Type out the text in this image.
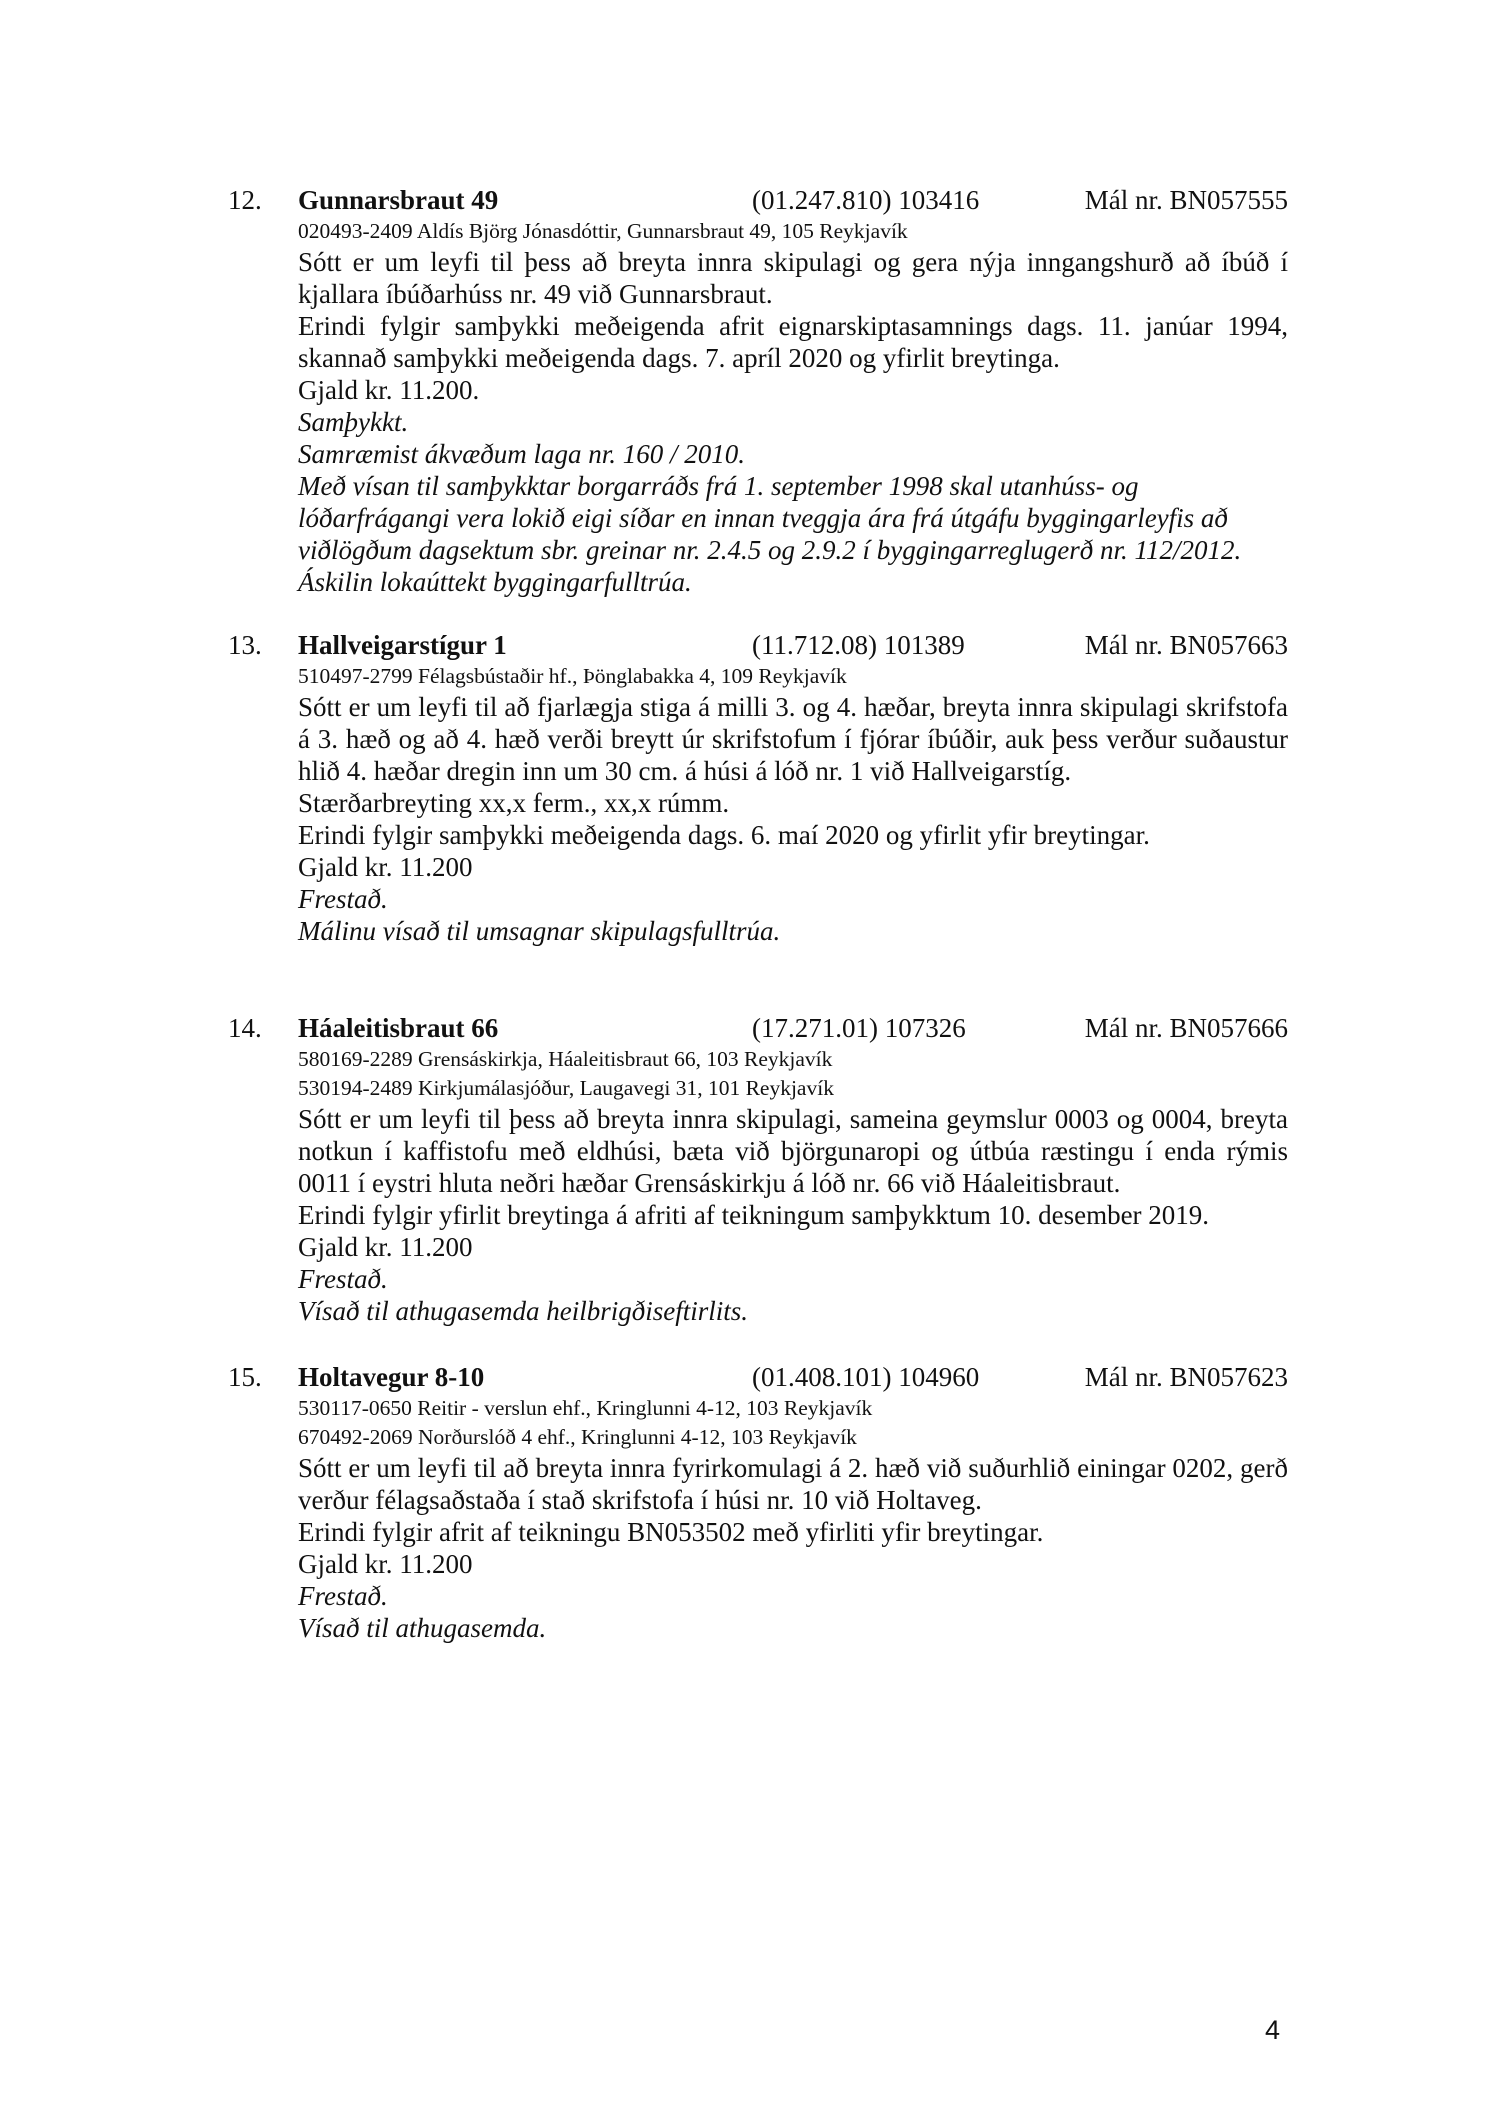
12. Gunnarsbraut 49	(01.247.810) 103416	Mál nr. BN057555
020493-2409 Aldís Björg Jónasdóttir, Gunnarsbraut 49, 105 Reykjavík
Sótt er um leyfi til þess að breyta innra skipulagi og gera nýja inngangshurð að íbúð í kjallara íbúðarhúss nr. 49 við Gunnarsbraut.
Erindi fylgir samþykki meðeigenda afrit eignarskiptasamnings dags. 11. janúar 1994, skannað samþykki meðeigenda dags. 7. apríl 2020 og yfirlit breytinga.
Gjald kr. 11.200.
Samþykkt.
Samræmist ákvæðum laga nr. 160 / 2010.
Með vísan til samþykktar borgarráðs frá 1. september 1998 skal utanhúss- og lóðarfrágangi vera lokið eigi síðar en innan tveggja ára frá útgáfu byggingarleyfis að viðlögðum dagsektum sbr. greinar nr. 2.4.5 og 2.9.2 í byggingarreglugerð nr. 112/2012. Áskilin lokaúttekt byggingarfulltrúa.
13. Hallveigarstígur 1	(11.712.08) 101389	Mál nr. BN057663
510497-2799 Félagsbústaðir hf., Þönglabakka 4, 109 Reykjavík
Sótt er um leyfi til að fjarlægja stiga á milli 3. og 4. hæðar, breyta innra skipulagi skrifstofa á 3. hæð og að 4. hæð verði breytt úr skrifstofum í fjórar íbúðir, auk þess verður suðaustur hlið 4. hæðar dregin inn um 30 cm. á húsi á lóð nr. 1 við Hallveigarstíg.
Stærðarbreyting xx,x ferm., xx,x rúmm.
Erindi fylgir samþykki meðeigenda dags. 6. maí 2020 og yfirlit yfir breytingar.
Gjald kr. 11.200
Frestað.
Málinu vísað til umsagnar skipulagsfulltrúa.
14. Háaleitisbraut 66	(17.271.01) 107326	Mál nr. BN057666
580169-2289 Grensáskirkja, Háaleitisbraut 66, 103 Reykjavík
530194-2489 Kirkjumálasjóður, Laugavegi 31, 101 Reykjavík
Sótt er um leyfi til þess að breyta innra skipulagi, sameina geymslur 0003 og 0004, breyta notkun í kaffistofu með eldhúsi, bæta við björgunaropi og útbúa ræstingu í enda rýmis 0011 í eystri hluta neðri hæðar Grensáskirkju á lóð nr. 66 við Háaleitisbraut.
Erindi fylgir yfirlit breytinga á afriti af teikningum samþykktum 10. desember 2019.
Gjald kr. 11.200
Frestað.
Vísað til athugasemda heilbrigðiseftirlits.
15. Holtavegur 8-10	(01.408.101) 104960	Mál nr. BN057623
530117-0650 Reitir - verslun ehf., Kringlunni 4-12, 103 Reykjavík
670492-2069 Norðurslóð 4 ehf., Kringlunni 4-12, 103 Reykjavík
Sótt er um leyfi til að breyta innra fyrirkomulagi á 2. hæð við suðurhlið einingar 0202, gerð verður félagsaðstaða í stað skrifstofa í húsi nr. 10 við Holtaveg.
Erindi fylgir afrit af teikningu BN053502 með yfirliti yfir breytingar.
Gjald kr. 11.200
Frestað.
Vísað til athugasemda.
4
